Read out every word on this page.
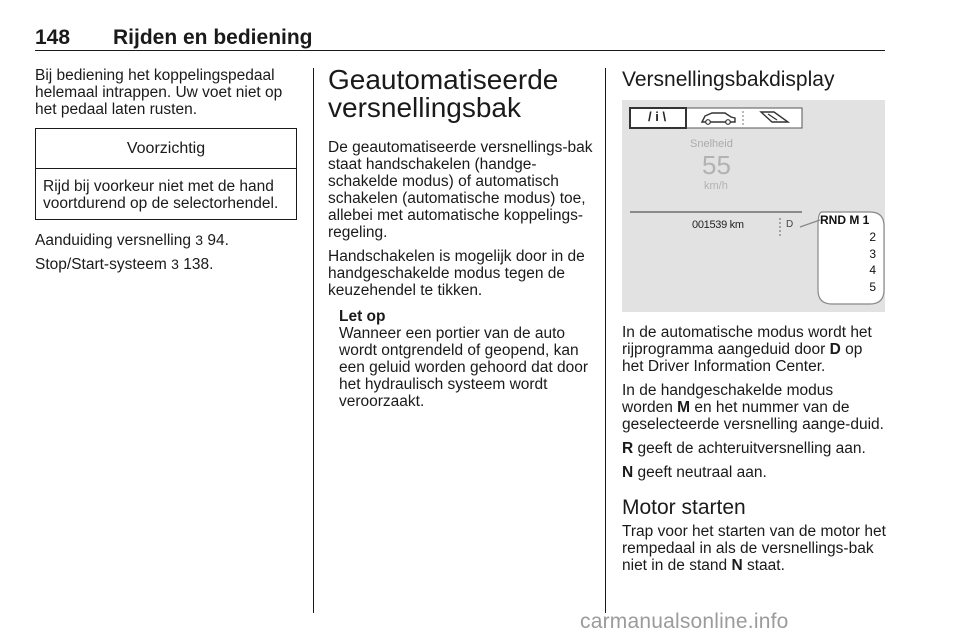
148 Rijden en bediening

Bij bediening het koppelingspedaal helemaal intrappen. Uw voet niet op het pedaal laten rusten.

Voorzichtig
Rijd bij voorkeur niet met de hand voortdurend op de selectorhendel.
Aanduiding versnelling 3 94.
Stop/Start-systeem 3 138.
Geautomatiseerde
versnellingsbak

De geautomatiseerde versnellings-bak staat handschakelen (handge-schakelde modus) of automatisch schakelen (automatische modus) toe, allebei met automatische koppelings-regeling.

Handschakelen is mogelijk door in de handgeschakelde modus tegen de keuzehendel te tikken.

Let op

Wanneer een portier van de auto wordt ontgrendeld of geopend, kan een geluid worden gehoord dat door het hydraulisch systeem wordt veroorzaakt.

Versnellingsbakdisplay
/ i \
Snelheid
55
km/h
001539 km	D RND M 1
2
3
4
5

In de automatische modus wordt het rijprogramma aangeduid door D op het Driver Information Center.

In de handgeschakelde modus worden M en het nummer van de geselecteerde versnelling aange-duid.

R geeft de achteruitversnelling aan.

N geeft neutraal aan.

Motor starten

Trap voor het starten van de motor het rempedaal in als de versnellings-bak niet in de stand N staat.

carmanualsonline.info
